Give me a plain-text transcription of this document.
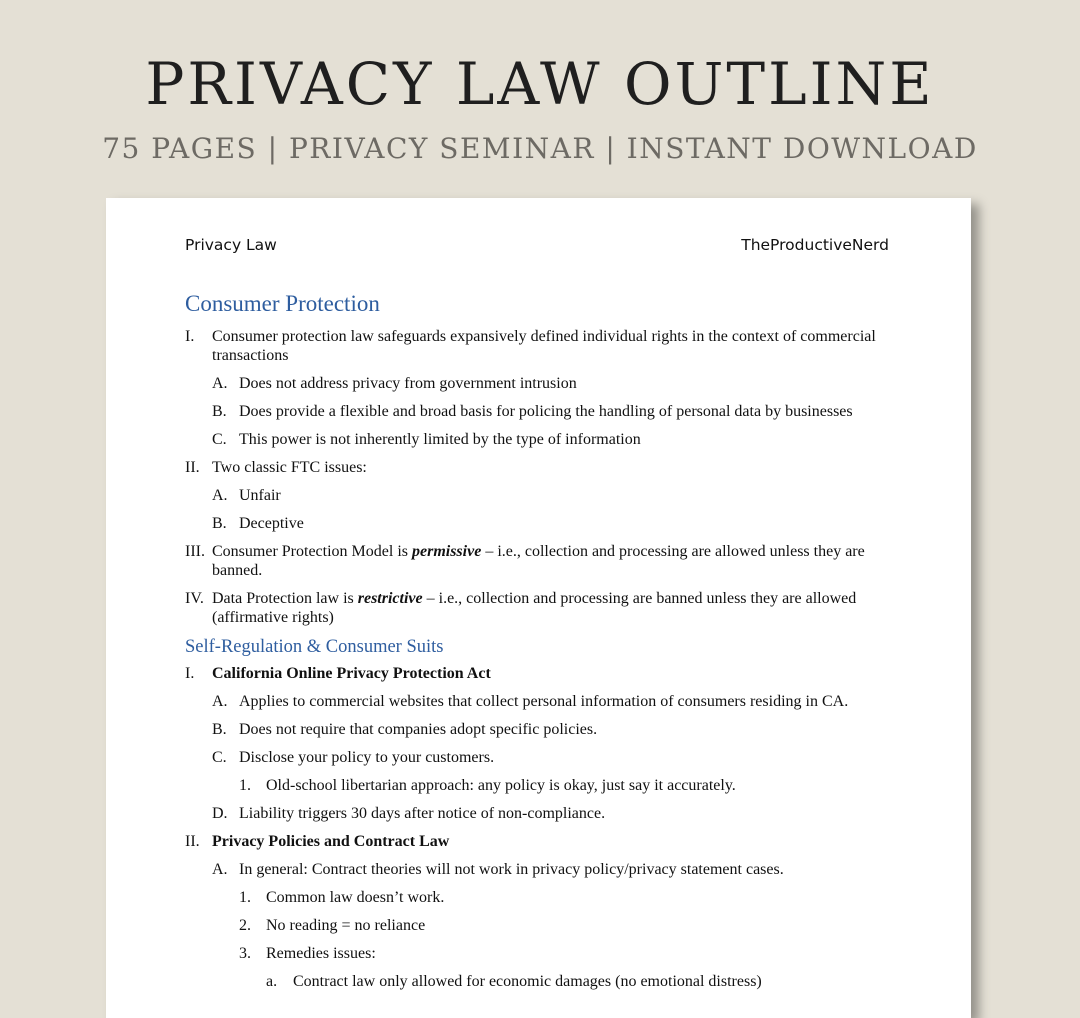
PRIVACY LAW OUTLINE
75 PAGES | PRIVACY SEMINAR | INSTANT DOWNLOAD
Privacy Law	TheProductiveNerd
Consumer Protection
I.	Consumer protection law safeguards expansively defined individual rights in the context of commercial transactions
A. Does not address privacy from government intrusion
B. Does provide a flexible and broad basis for policing the handling of personal data by businesses
C. This power is not inherently limited by the type of information
II. Two classic FTC issues:
A. Unfair
B. Deceptive
III. Consumer Protection Model is permissive – i.e., collection and processing are allowed unless they are banned.
IV. Data Protection law is restrictive – i.e., collection and processing are banned unless they are allowed (affirmative rights)
Self-Regulation & Consumer Suits
I.	California Online Privacy Protection Act
A. Applies to commercial websites that collect personal information of consumers residing in CA.
B. Does not require that companies adopt specific policies.
C. Disclose your policy to your customers.
1. Old-school libertarian approach: any policy is okay, just say it accurately.
D. Liability triggers 30 days after notice of non-compliance.
II. Privacy Policies and Contract Law
A. In general: Contract theories will not work in privacy policy/privacy statement cases.
1. Common law doesn’t work.
2. No reading = no reliance
3. Remedies issues:
a. Contract law only allowed for economic damages (no emotional distress)
